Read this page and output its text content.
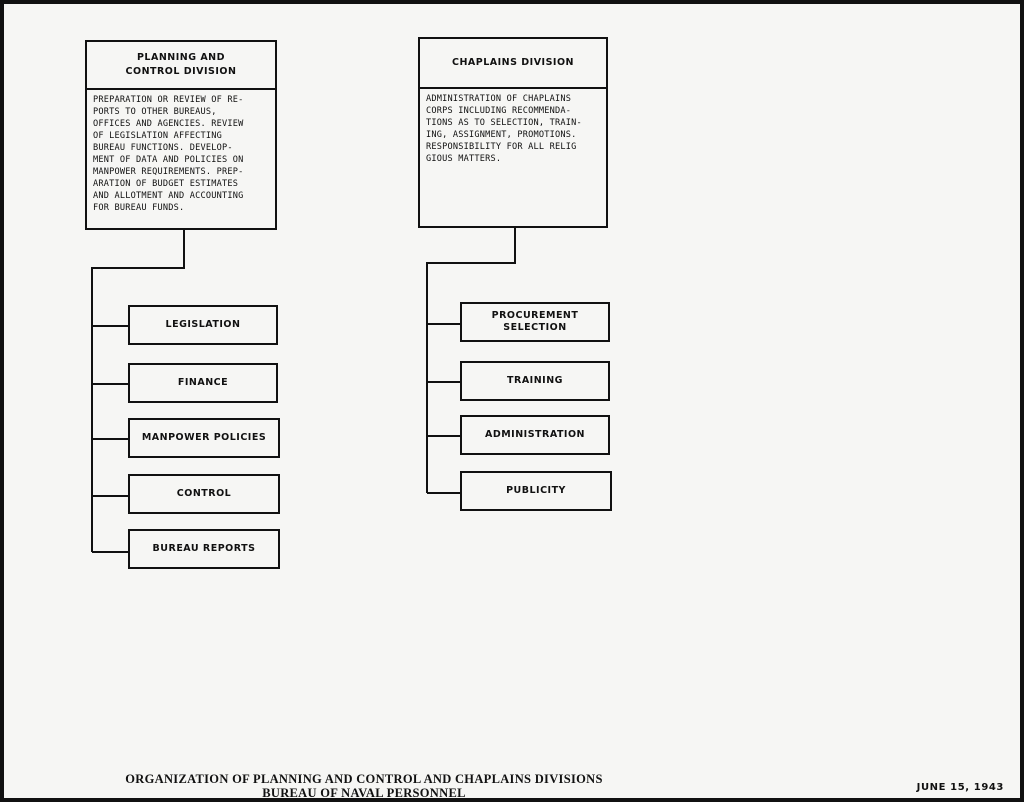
PLANNING AND CONTROL DIVISION
PREPARATION OR REVIEW OF RE-
PORTS TO OTHER BUREAUS,
OFFICES AND AGENCIES. REVIEW
OF LEGISLATION AFFECTING
BUREAU FUNCTIONS. DEVELOP-
MENT OF DATA AND POLICIES ON
MANPOWER REQUIREMENTS. PREP-
ARATION OF BUDGET ESTIMATES
AND ALLOTMENT AND ACCOUNTING
FOR BUREAU FUNDS.
CHAPLAINS DIVISION
ADMINISTRATION OF CHAPLAINS
CORPS INCLUDING RECOMMENDA-
TIONS AS TO SELECTION, TRAIN-
ING, ASSIGNMENT, PROMOTIONS.
RESPONSIBILITY FOR ALL RELIG
GIOUS MATTERS.
LEGISLATION
FINANCE
MANPOWER POLICIES
CONTROL
BUREAU REPORTS
PROCUREMENT SELECTION
TRAINING
ADMINISTRATION
PUBLICITY
ORGANIZATION OF PLANNING AND CONTROL AND CHAPLAINS DIVISIONS
BUREAU OF NAVAL PERSONNEL	JUNE 15, 1943
